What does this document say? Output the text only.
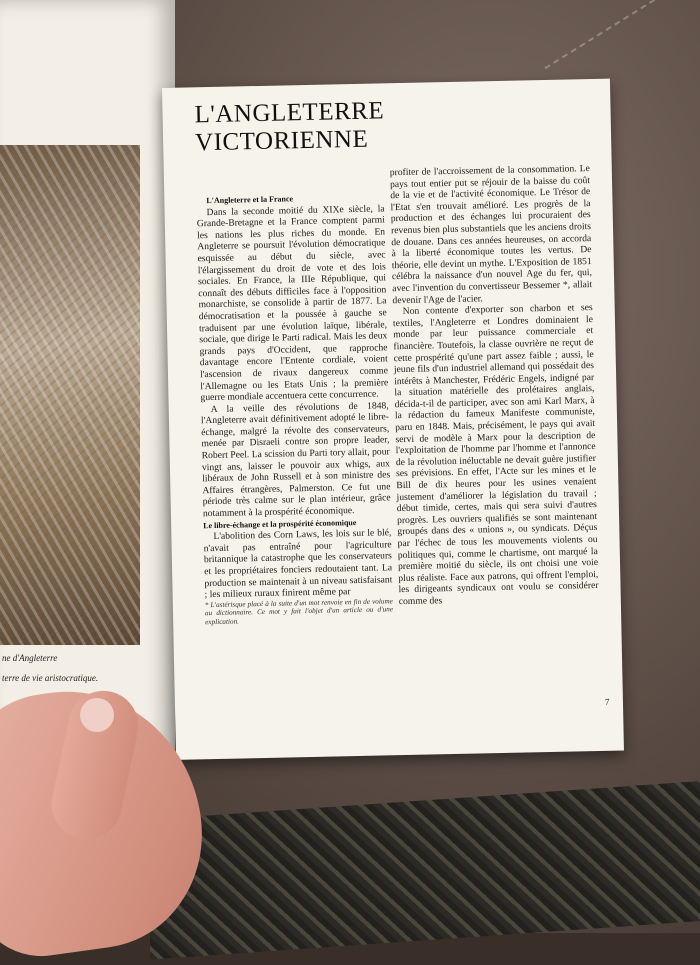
ne d'Angleterre
terre de vie aristocratique.
L'ANGLETERRE
VICTORIENNE

L'Angleterre et la France

Dans la seconde moitié du XIXe siècle, la Grande-Bretagne et la France comptent parmi les nations les plus riches du monde. En Angleterre se poursuit l'évolution démocratique esquissée au début du siècle, avec l'élargissement du droit de vote et des lois sociales. En France, la IIIe République, qui connaît des débuts difficiles face à l'opposition monarchiste, se consolide à partir de 1877. La démocratisation et la poussée à gauche se traduisent par une évolution laïque, libérale, sociale, que dirige le Parti radical. Mais les deux grands pays d'Occident, que rapproche davantage encore l'Entente cordiale, voient l'ascension de rivaux dangereux comme l'Allemagne ou les Etats Unis ; la première guerre mondiale accentuera cette concurrence.

A la veille des révolutions de 1848, l'Angleterre avait définitivement adopté le libre-échange, malgré la révolte des conservateurs, menée par Disraeli contre son propre leader, Robert Peel. La scission du Parti tory allait, pour vingt ans, laisser le pouvoir aux whigs, aux libéraux de John Russell et à son ministre des Affaires étrangères, Palmerston. Ce fut une période très calme sur le plan intérieur, grâce notamment à la prospérité économique.

Le libre-échange et la prospérité économique

L'abolition des Corn Laws, les lois sur le blé, n'avait pas entraîné pour l'agriculture britannique la catastrophe que les conservateurs et les propriétaires fonciers redoutaient tant. La production se maintenait à un niveau satisfaisant ; les milieux ruraux finirent même par

* L'astérisque placé à la suite d'un mot renvoie en fin de volume au dictionnaire. Ce mot y fait l'objet d'un article ou d'une explication.

profiter de l'accroissement de la consommation. Le pays tout entier put se réjouir de la baisse du coût de la vie et de l'activité économique. Le Trésor de l'Etat s'en trouvait amélioré. Les progrès de la production et des échanges lui procuraient des revenus bien plus substantiels que les anciens droits de douane. Dans ces années heureuses, on accorda à la liberté économique toutes les vertus. De théorie, elle devint un mythe. L'Exposition de 1851 célébra la naissance d'un nouvel Age du fer, qui, avec l'invention du convertisseur Bessemer *, allait devenir l'Age de l'acier.

Non contente d'exporter son charbon et ses textiles, l'Angleterre et Londres dominaient le monde par leur puissance commerciale et financière. Toutefois, la classe ouvrière ne reçut de cette prospérité qu'une part assez faible ; aussi, le jeune fils d'un industriel allemand qui possédait des intérêts à Manchester, Frédéric Engels, indigné par la situation matérielle des prolétaires anglais, décida-t-il de participer, avec son ami Karl Marx, à la rédaction du fameux Manifeste communiste, paru en 1848. Mais, précisément, le pays qui avait servi de modèle à Marx pour la description de l'exploitation de l'homme par l'homme et l'annonce de la révolution inéluctable ne devait guère justifier ses prévisions. En effet, l'Acte sur les mines et le Bill de dix heures pour les usines venaient justement d'améliorer la législation du travail ; début timide, certes, mais qui sera suivi d'autres progrès. Les ouvriers qualifiés se sont maintenant groupés dans des « unions », ou syndicats. Déçus par l'échec de tous les mouvements violents ou politiques qui, comme le chartisme, ont marqué la première moitié du siècle, ils ont choisi une voie plus réaliste. Face aux patrons, qui offrent l'emploi, les dirigeants syndicaux ont voulu se considérer comme des

7
